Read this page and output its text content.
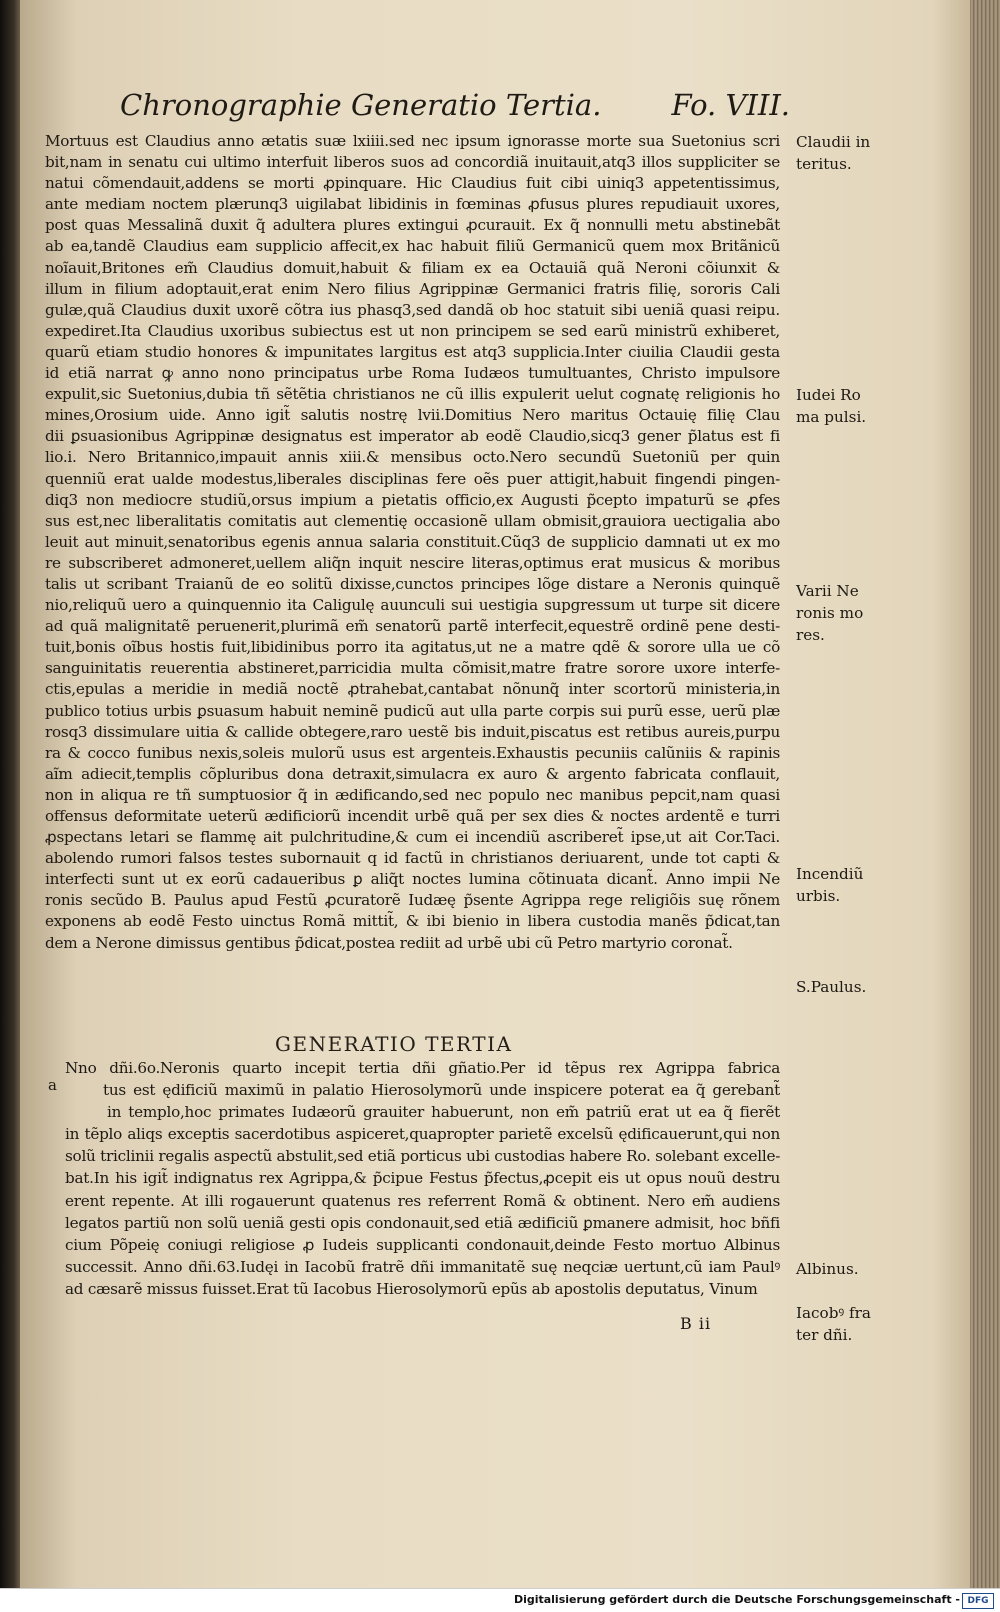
Chronographie Generatio Tertia. Fo. VIII.
Mortuus est Claudius anno ætatis suæ lxiiii.sed nec ipsum ignorasse morte sua Suetonius scri
bit,nam in senatu cui ultimo interfuit liberos suos ad concordiã inuitauit,atq3 illos suppliciter se
natui cõmendauit,addens se morti ꝓpinquare. Hic Claudius fuit cibi uiniq3 appetentissimus,
ante mediam noctem plærunq3 uigilabat libidinis in fœminas ꝓfusus plures repudiauit uxores,
post quas Messalinã duxit q̃ adultera plures extingui ꝓcurauit. Ex q̃ nonnulli metu abstinebãt
ab ea,tandẽ Claudius eam supplicio affecit,ex hac habuit filiũ Germanicũ quem mox Britãnicũ
noĩauit,Britones em̃ Claudius domuit,habuit & filiam ex ea Octauiã quã Neroni cõiunxit &
illum in filium adoptauit,erat enim Nero filius Agrippinæ Germanici fratris filię, sororis Cali
gulæ,quã Claudius duxit uxorẽ cõtra ius phasq3,sed dandã ob hoc statuit sibi ueniã quasi reipu.
expediret.Ita Claudius uxoribus subiectus est ut non principem se sed earũ ministrũ exhiberet,
quarũ etiam studio honores & impunitates largitus est atq3 supplicia.Inter ciuilia Claudii gesta
id etiã narrat ꝙ anno nono principatus urbe Roma Iudæos tumultuantes, Christo impulsore
expulit,sic Suetonius,dubia tñ sẽtẽtia christianos ne cũ illis expulerit uelut cognatę religionis ho
mines,Orosium uide. Anno igit̃ salutis nostrę lvii.Domitius Nero maritus Octauię filię Clau
dii ꝑsuasionibus Agrippinæ designatus est imperator ab eodẽ Claudio,sicq3 gener p̃latus est fi
lio.i. Nero Britannico,impauit annis xiii.& mensibus octo.Nero secundũ Suetoniũ per quin
quenniũ erat ualde modestus,liberales disciplinas fere oẽs puer attigit,habuit fingendi pingen-
diq3 non mediocre studiũ,orsus impium a pietatis officio,ex Augusti p̃cepto impaturũ se ꝓfes
sus est,nec liberalitatis comitatis aut clementię occasionẽ ullam obmisit,grauiora uectigalia abo
leuit aut minuit,senatoribus egenis annua salaria constituit.Cũq3 de supplicio damnati ut ex mo
re subscriberet admoneret,uellem aliq̃n inquit nescire literas,optimus erat musicus & moribus
talis ut scribant Traianũ de eo solitũ dixisse,cunctos principes lõge distare a Neronis quinquẽ
nio,reliquũ uero a quinquennio ita Caligulę auunculi sui uestigia supgressum ut turpe sit dicere
ad quã malignitatẽ peruenerit,plurimã em̃ senatorũ partẽ interfecit,equestrẽ ordinẽ pene desti-
tuit,bonis oĩbus hostis fuit,libidinibus porro ita agitatus,ut ne a matre qdẽ & sorore ulla ue cõ
sanguinitatis reuerentia abstineret,parricidia multa cõmisit,matre fratre sorore uxore interfe-
ctis,epulas a meridie in mediã noctẽ ꝓtrahebat,cantabat nõnunq̃ inter scortorũ ministeria,in
publico totius urbis ꝑsuasum habuit neminẽ pudicũ aut ulla parte corpis sui purũ esse, uerũ plæ
rosq3 dissimulare uitia & callide obtegere,raro uestẽ bis induit,piscatus est retibus aureis,purpu
ra & cocco funibus nexis,soleis mulorũ usus est argenteis.Exhaustis pecuniis calũniis & rapinis
aĩm adiecit,templis cõpluribus dona detraxit,simulacra ex auro & argento fabricata conflauit,
non in aliqua re tñ sumptuosior q̃ in ædificando,sed nec populo nec manibus pepcit,nam quasi
offensus deformitate ueterũ ædificiorũ incendit urbẽ quã per sex dies & noctes ardentẽ e turri
ꝓspectans letari se flammę ait pulchritudine,& cum ei incendiũ ascriberet̃ ipse,ut ait Cor.Taci.
abolendo rumori falsos testes subornauit q id factũ in christianos deriuarent, unde tot capti &
interfecti sunt ut ex eorũ cadaueribus ꝑ aliq̃t noctes lumina cõtinuata dicant̃. Anno impii Ne
ronis secũdo B. Paulus apud Festũ ꝓcuratorẽ Iudæę p̃sente Agrippa rege religiõis suę rõnem
exponens ab eodẽ Festo uinctus Romã mittit̃, & ibi bienio in libera custodia manẽs p̃dicat,tan
dem a Nerone dimissus gentibus p̃dicat,postea rediit ad urbẽ ubi cũ Petro martyrio coronat̃.
GENERATIO TERTIA
a
Nno dñi.6o.Neronis quarto incepit tertia dñi gñatio.Per id tẽpus rex Agrippa fabrica
tus est ędificiũ maximũ in palatio Hierosolymorũ unde inspicere poterat ea q̃ gerebant̃
in templo,hoc primates Iudæorũ grauiter habuerunt, non em̃ patriũ erat ut ea q̃ fierẽt
in tẽplo aliqs exceptis sacerdotibus aspiceret,quapropter parietẽ excelsũ ędificauerunt,qui non
solũ triclinii regalis aspectũ abstulit,sed etiã porticus ubi custodias habere Ro. solebant excelle-
bat.In his igit̃ indignatus rex Agrippa,& p̃cipue Festus p̃fectus,ꝓcepit eis ut opus nouũ destru
erent repente. At illi rogauerunt quatenus res referrent Romã & obtinent. Nero em̃ audiens
legatos partiũ non solũ ueniã gesti opis condonauit,sed etiã ædificiũ ꝑmanere admisit, hoc bñfi
cium Põpeię coniugi religiose ꝓ Iudeis supplicanti condonauit,deinde Festo mortuo Albinus
successit. Anno dñi.63.Iudęi in Iacobũ fratrẽ dñi immanitatẽ suę neqciæ uertunt,cũ iam Paulꝰ
ad cæsarẽ missus fuisset.Erat tũ Iacobus Hierosolymorũ epũs ab apostolis deputatus, Vinum
B ii
Claudii in
teritus.
Iudei Ro
ma pulsi.
Varii Ne
ronis mo
res.
Incendiũ
urbis.
S.Paulus.
Albinus.
Iacobꝰ fra
ter dñi.
Digitalisierung gefördert durch die Deutsche Forschungsgemeinschaft - DFG
